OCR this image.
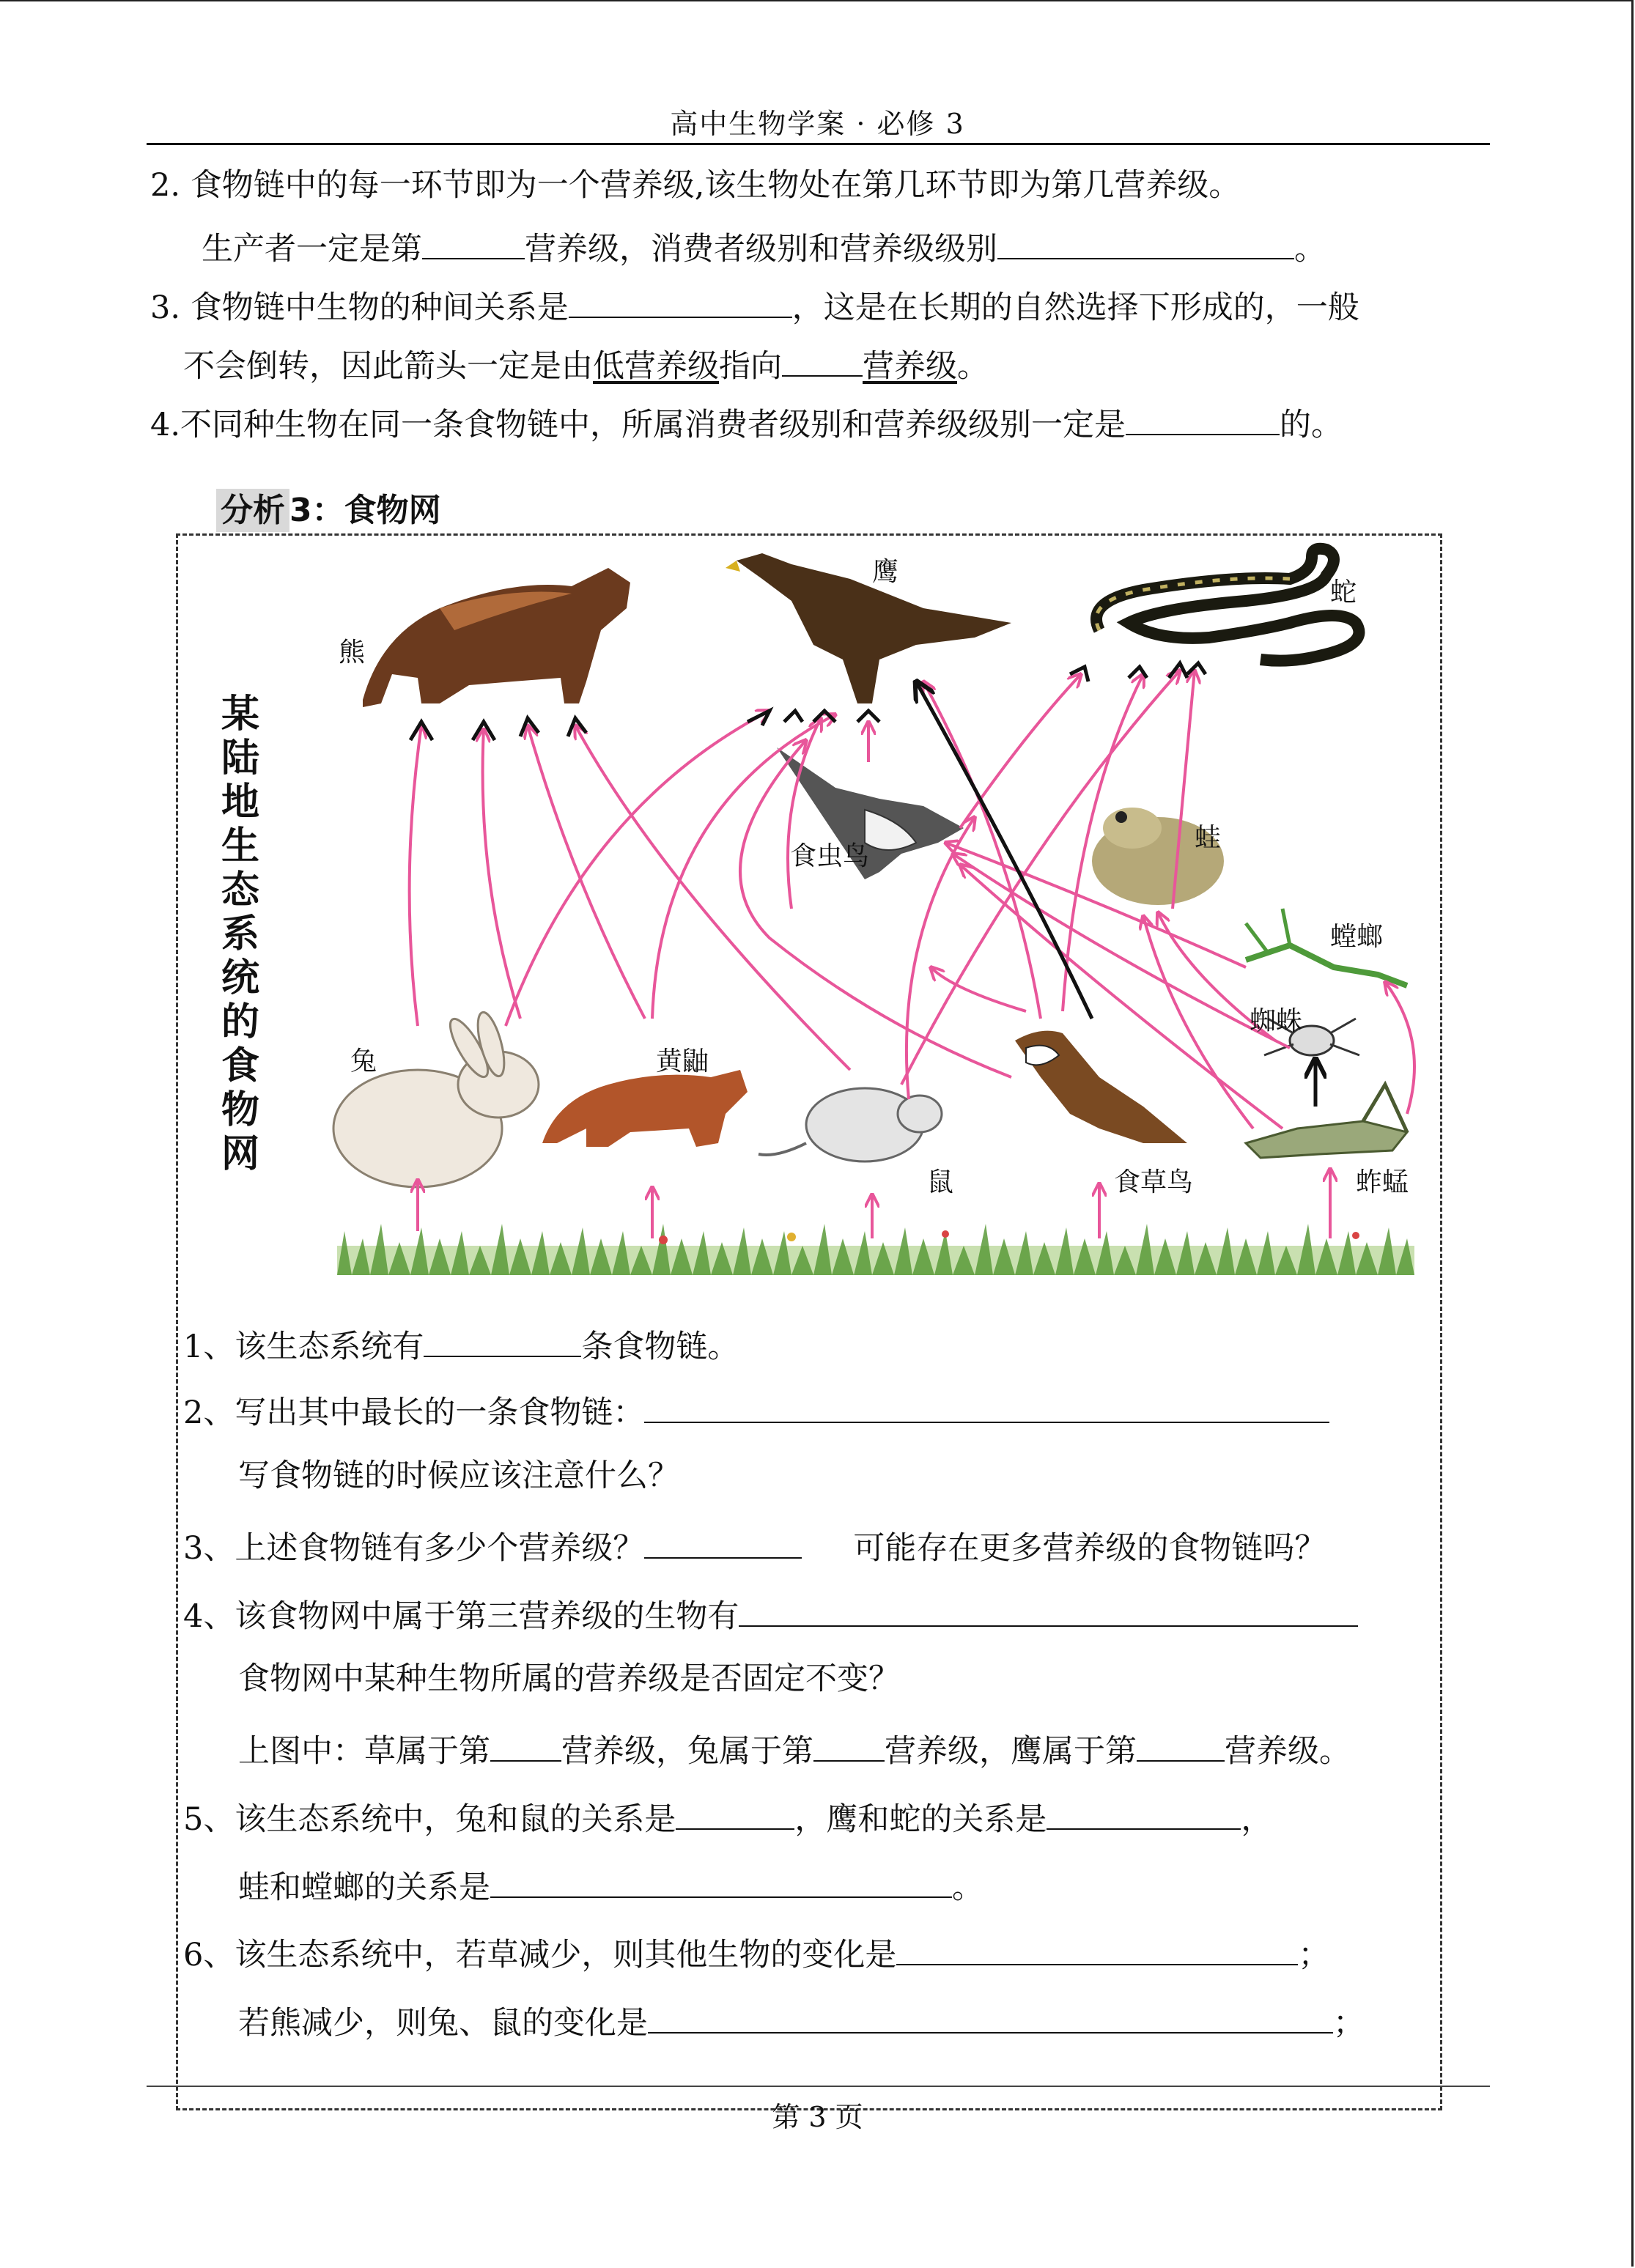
高中生物学案 · 必修 3
2. 食物链中的每一环节即为一个营养级,该生物处在第几环节即为第几营养级。
生产者一定是第	营养级，消费者级别和营养级级别	。
3. 食物链中生物的种间关系是	，这是在长期的自然选择下形成的，一般
不会倒转，因此箭头一定是由低营养级指向	营养级。
4.不同种生物在同一条食物链中，所属消费者级别和营养级级别一定是	的。
分析 3：食物网
某
陆
地
生
态
系
统
的
食
物
网
熊
鹰
蛇
食虫鸟
蛙
螳螂
蜘蛛
兔	黄鼬
鼠	食草鸟	蚱蜢
1、该生态系统有	条食物链。
2、写出其中最长的一条食物链：
写食物链的时候应该注意什么？
3、上述食物链有多少个营养级？	可能存在更多营养级的食物链吗？
4、该食物网中属于第三营养级的生物有
食物网中某种生物所属的营养级是否固定不变？
上图中：草属于第 营养级，兔属于第 营养级，鹰属于第	营养级。
5、该生态系统中，兔和鼠的关系是	，鹰和蛇的关系是	，
蛙和螳螂的关系是	。
6、该生态系统中，若草减少，则其他生物的变化是	；
若熊减少，则兔、鼠的变化是	；
第 3 页
